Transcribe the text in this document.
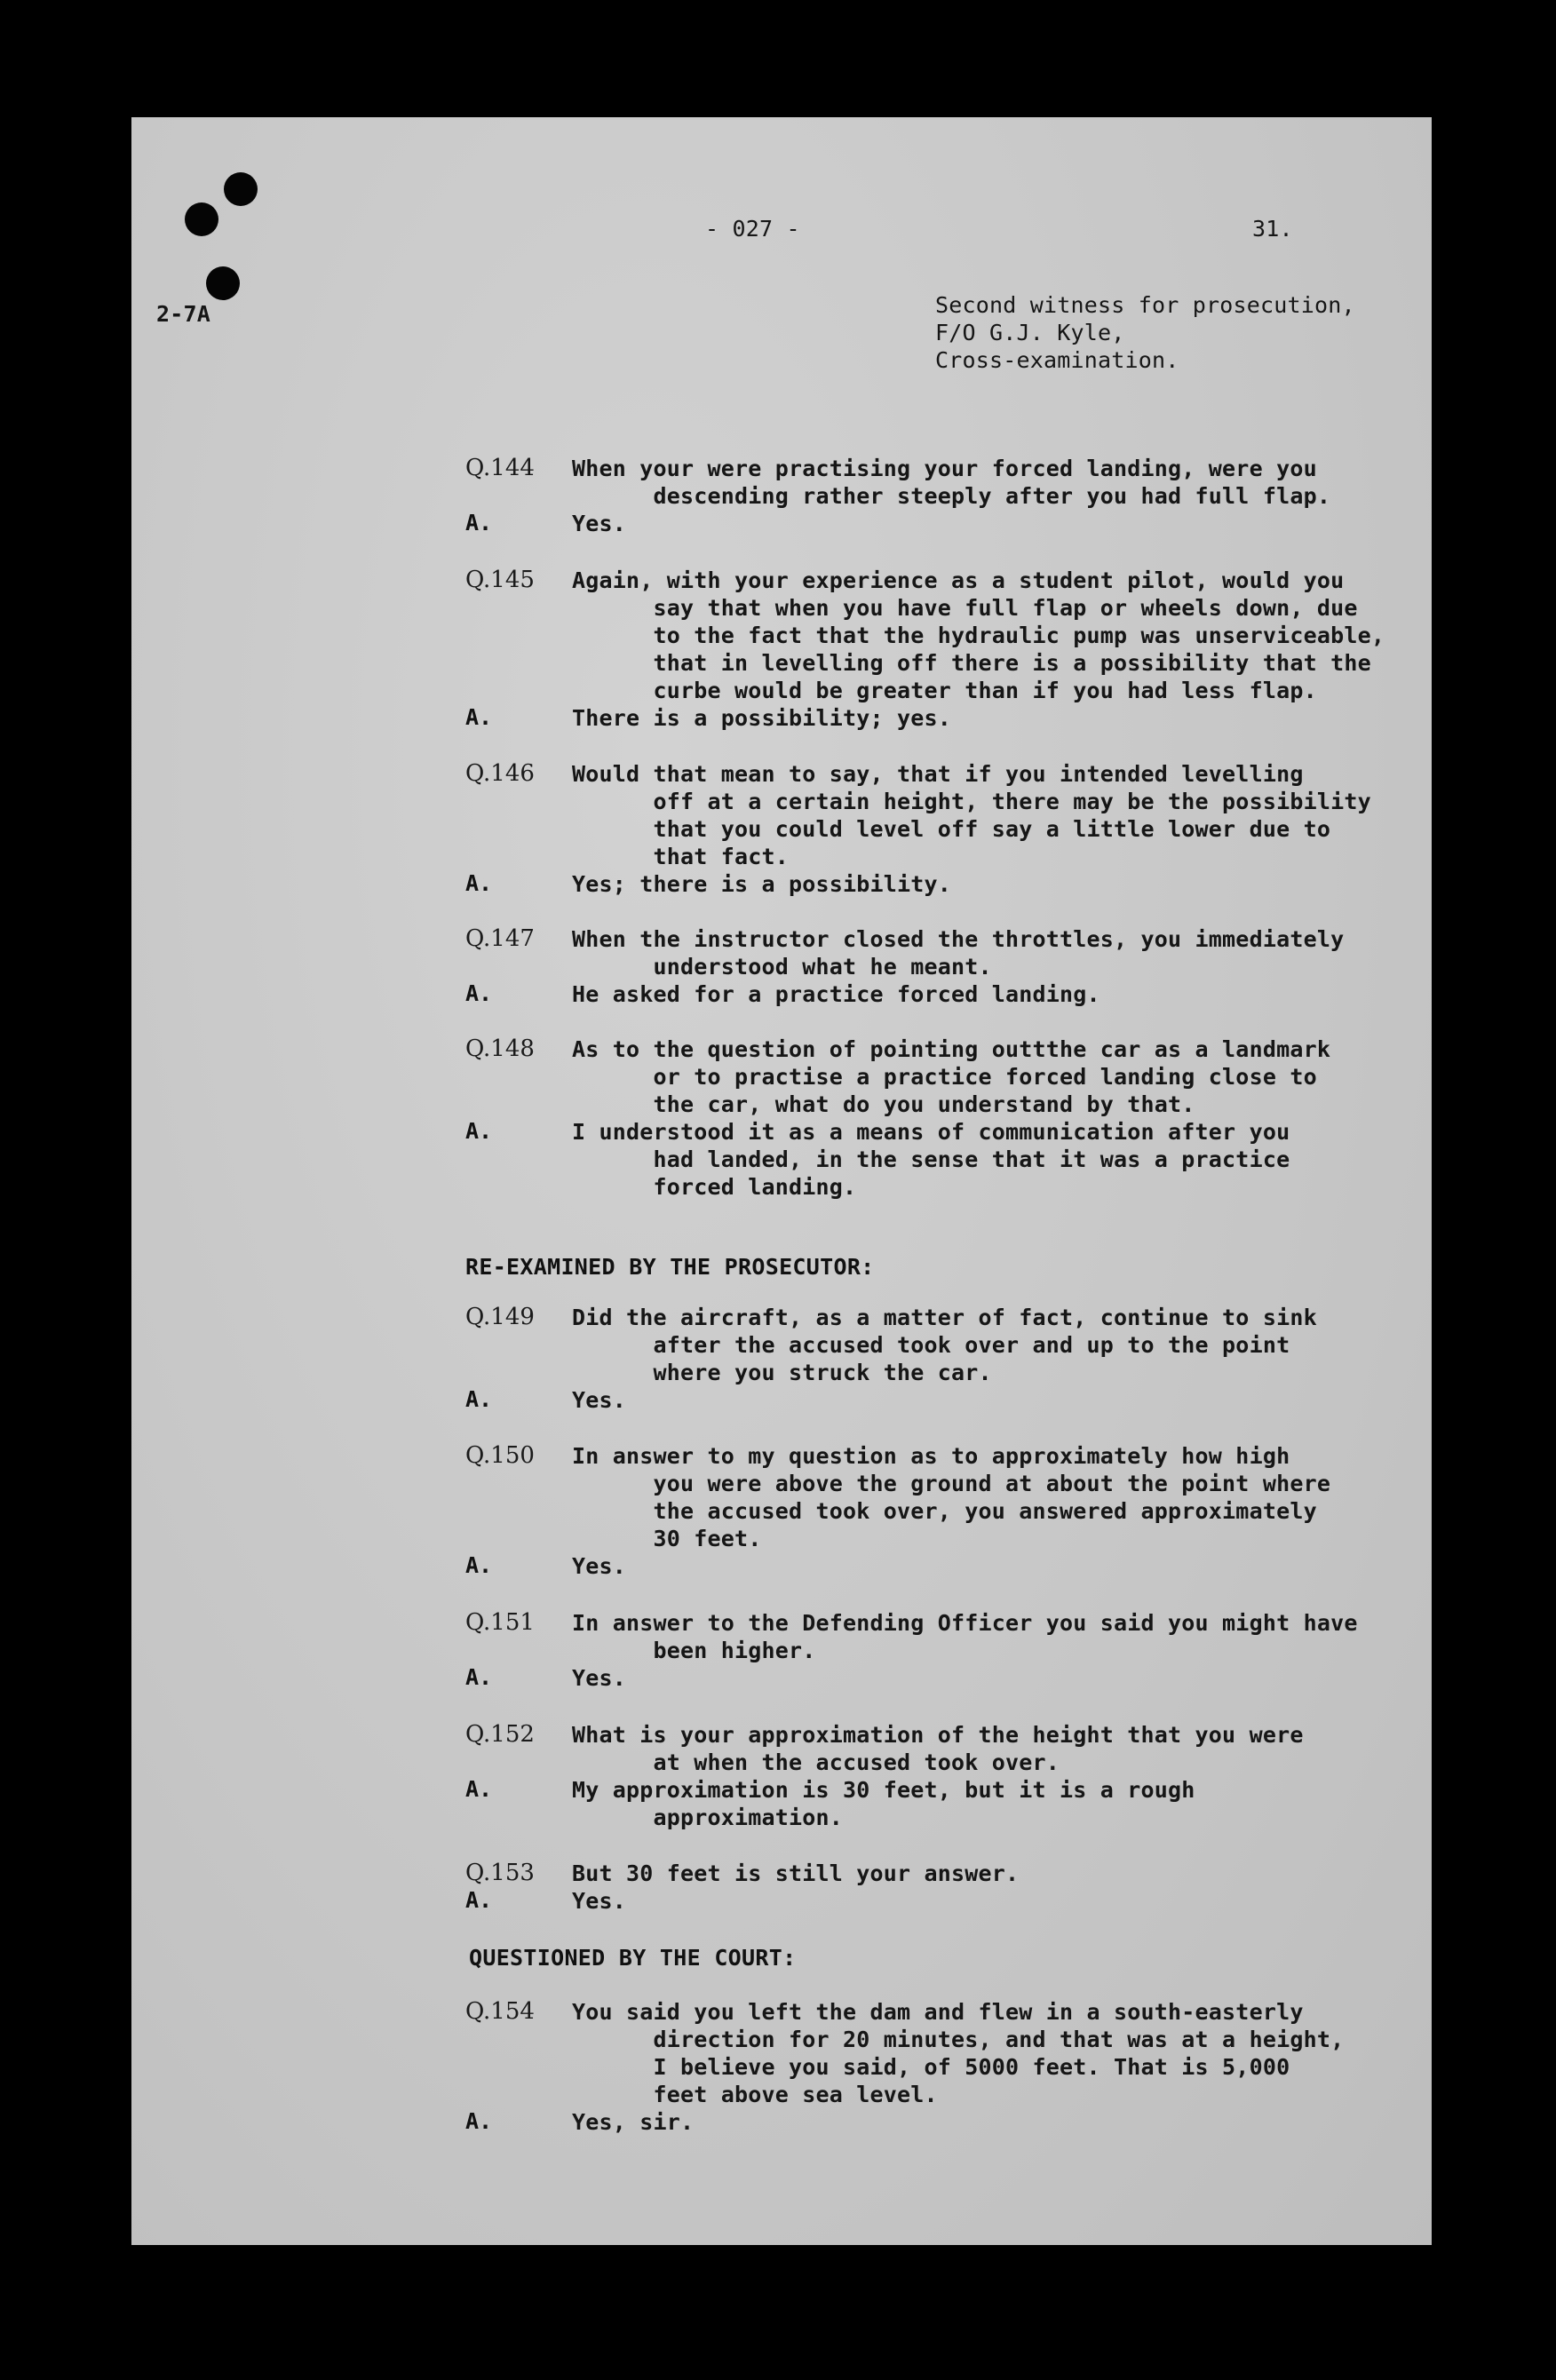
- 027 -	31.
2-7A	Second witness for prosecution,
F/O G.J. Kyle,
Cross-examination.
Q.144 When your were practising your forced landing, were you
descending rather steeply after you had full flap.
A.	Yes.
Q.145 Again, with your experience as a student pilot, would you
say that when you have full flap or wheels down, due
to the fact that the hydraulic pump was unserviceable,
that in levelling off there is a possibility that the
curbe would be greater than if you had less flap.
A.	There is a possibility; yes.
Q.146 Would that mean to say, that if you intended levelling
off at a certain height, there may be the possibility
that you could level off say a little lower due to
that fact.
A.	Yes; there is a possibility.
Q.147 When the instructor closed the throttles, you immediately
understood what he meant.
A.	He asked for a practice forced landing.
Q.148 As to the question of pointing outtthe car as a landmark
or to practise a practice forced landing close to
the car, what do you understand by that.
A.	I understood it as a means of communication after you
had landed, in the sense that it was a practice
forced landing.
RE-EXAMINED BY THE PROSECUTOR:
Q.149 Did the aircraft, as a matter of fact, continue to sink
after the accused took over and up to the point
where you struck the car.
A.	Yes.
Q.150 In answer to my question as to approximately how high
you were above the ground at about the point where
the accused took over, you answered approximately
30 feet.
A.	Yes.
Q.151 In answer to the Defending Officer you said you might have
been higher.
A.	Yes.
Q.152 What is your approximation of the height that you were
at when the accused took over.
A.	My approximation is 30 feet, but it is a rough
approximation.
Q.153 But 30 feet is still your answer.
A.	Yes.
QUESTIONED BY THE COURT:
Q.154 You said you left the dam and flew in a south-easterly
direction for 20 minutes, and that was at a height,
I believe you said, of 5000 feet. That is 5,000
feet above sea level.
A.	Yes, sir.
